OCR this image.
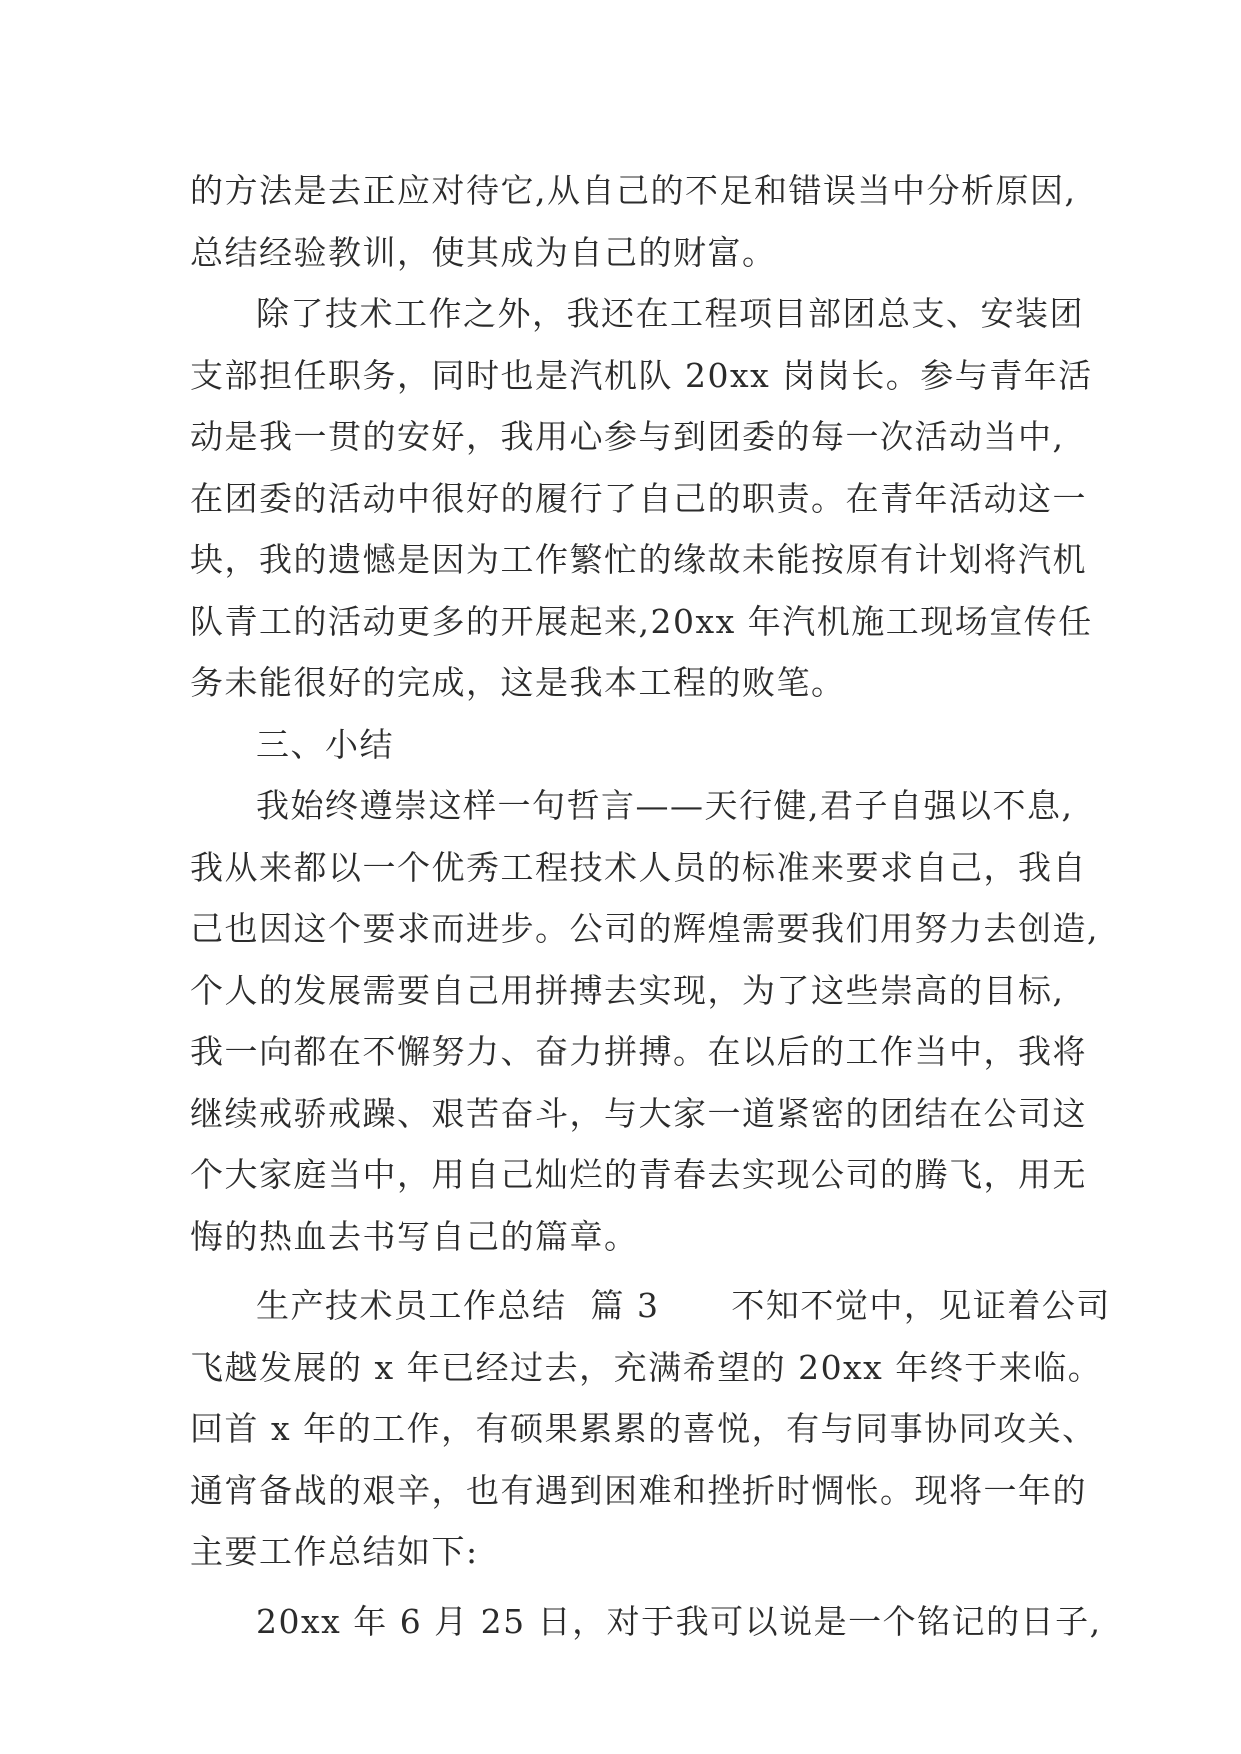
的方法是去正应对待它,从自己的不足和错误当中分析原因,
总结经验教训，使其成为自己的财富。
除了技术工作之外，我还在工程项目部团总支、安装团
支部担任职务，同时也是汽机队 20xx 岗岗长。参与青年活
动是我一贯的安好，我用心参与到团委的每一次活动当中,
在团委的活动中很好的履行了自己的职责。在青年活动这一
块，我的遗憾是因为工作繁忙的缘故未能按原有计划将汽机
队青工的活动更多的开展起来,20xx 年汽机施工现场宣传任
务未能很好的完成，这是我本工程的败笔。
三、小结
我始终遵崇这样一句哲言——天行健,君子自强以不息,
我从来都以一个优秀工程技术人员的标准来要求自己，我自
己也因这个要求而进步。公司的辉煌需要我们用努力去创造,
个人的发展需要自己用拼搏去实现，为了这些崇高的目标,
我一向都在不懈努力、奋力拼搏。在以后的工作当中，我将
继续戒骄戒躁、艰苦奋斗，与大家一道紧密的团结在公司这
个大家庭当中，用自己灿烂的青春去实现公司的腾飞，用无
悔的热血去书写自己的篇章。
生产技术员工作总结  篇 3      不知不觉中，见证着公司
飞越发展的 x 年已经过去，充满希望的 20xx 年终于来临。
回首 x 年的工作，有硕果累累的喜悦，有与同事协同攻关、
通宵备战的艰辛，也有遇到困难和挫折时惆怅。现将一年的
主要工作总结如下:
20xx 年 6 月 25 日，对于我可以说是一个铭记的日子,
